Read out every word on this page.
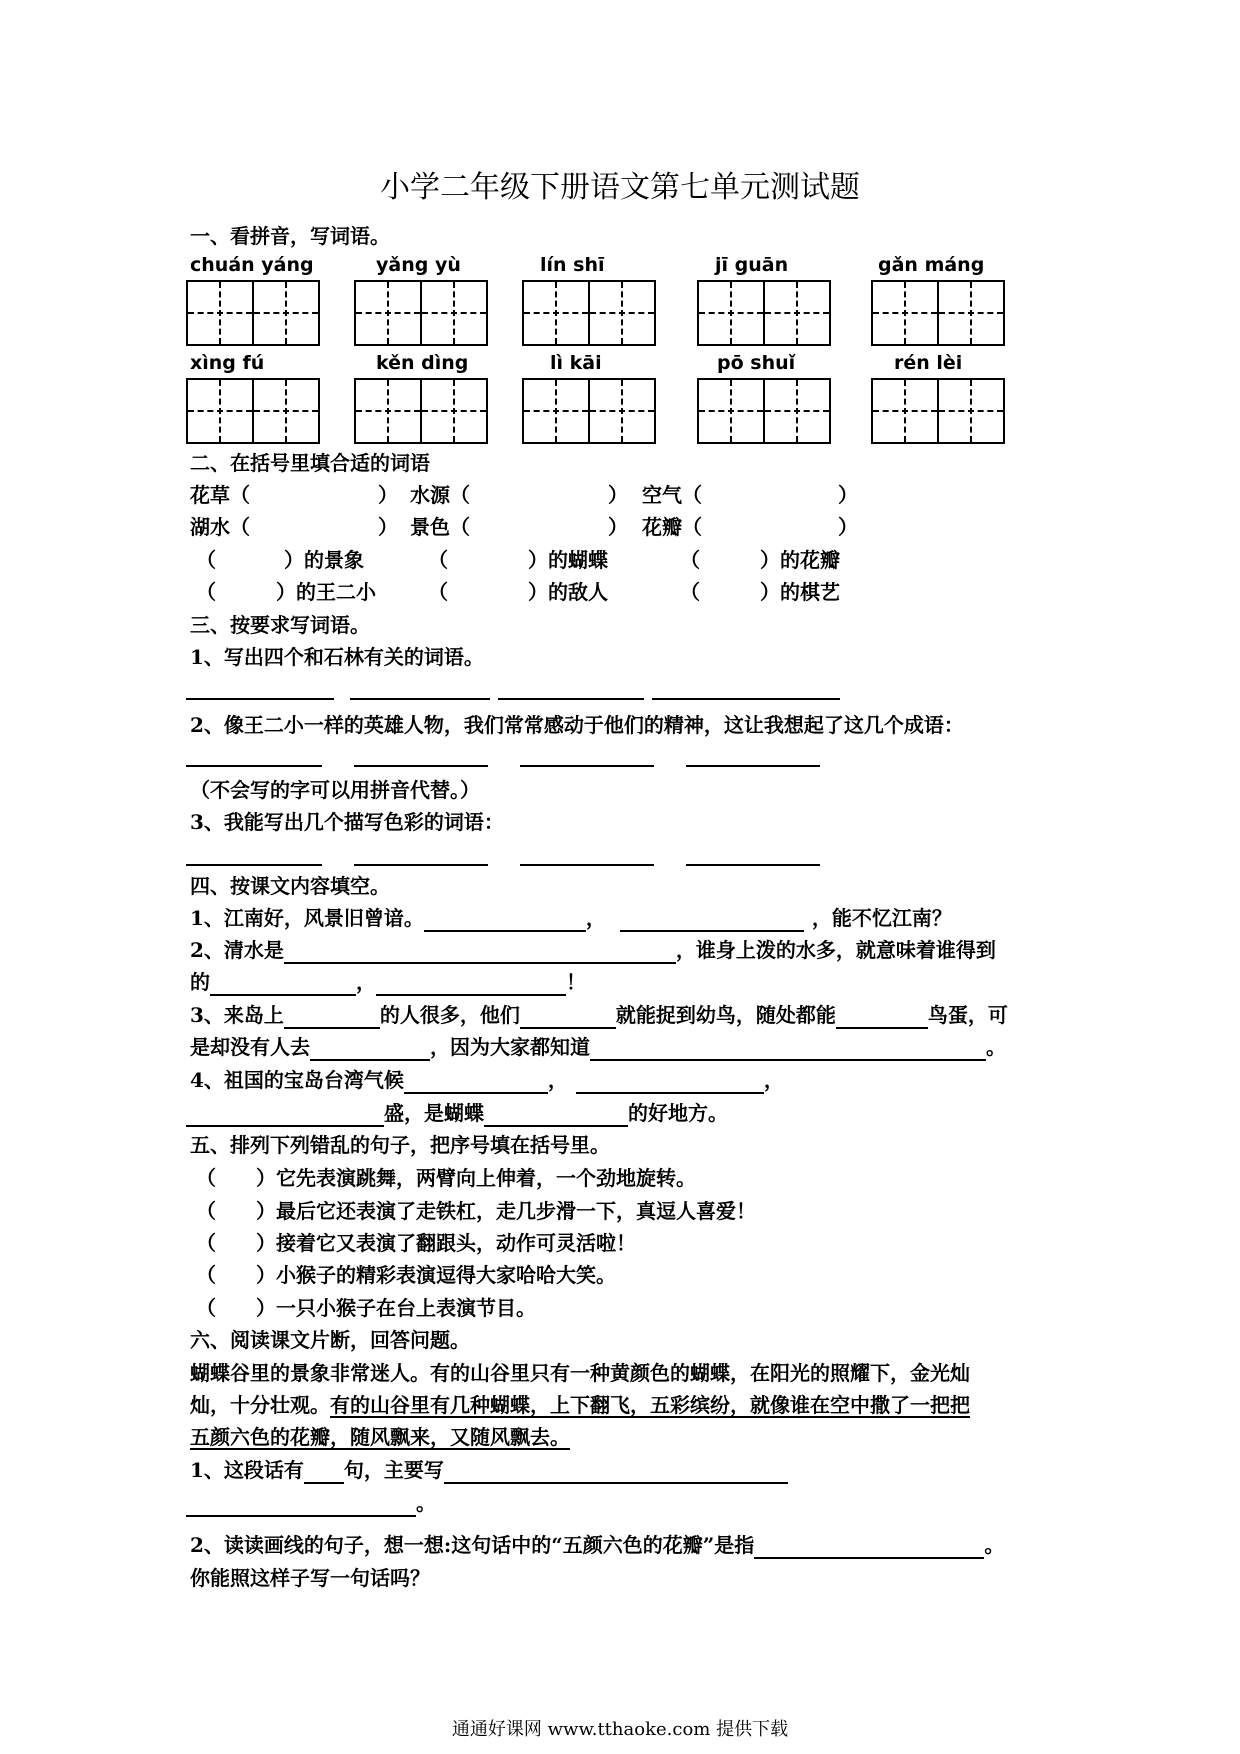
小学二年级下册语文第七单元测试题
一、看拼音，写词语。
chuán yáng	yǎng yù	lín shī	jī guān	gǎn máng
xìng fú	kěn dìng	lì kāi	pō shuǐ	rén lèi
二、在括号里填合适的词语
花草（	） 水源（	） 空气（	）
湖水（	） 景色（	） 花瓣（	）
（	）的景象	（	）的蝴蝶	（	）的花瓣
（	）的王二小	（	）的敌人	（	）的棋艺
三、按要求写词语。
1、写出四个和石林有关的词语。
2、像王二小一样的英雄人物，我们常常感动于他们的精神，这让我想起了这几个成语：
（不会写的字可以用拼音代替。）
3、我能写出几个描写色彩的词语：
四、按课文内容填空。
1、江南好，风景旧曾谙。	，	，能不忆江南？
2、清水是	，谁身上泼的水多，就意味着谁得到
的	，	！
3、来岛上	的人很多，他们	就能捉到幼鸟，随处都能	鸟蛋，可
是却没有人去	，因为大家都知道	。
4、祖国的宝岛台湾气候	，	，
盛，是蝴蝶	的好地方。
五、排列下列错乱的句子，把序号填在括号里。
（　　）它先表演跳舞，两臂向上伸着，一个劲地旋转。
（　　）最后它还表演了走铁杠，走几步滑一下，真逗人喜爱！
（　　）接着它又表演了翻跟头，动作可灵活啦！
（　　）小猴子的精彩表演逗得大家哈哈大笑。
（　　）一只小猴子在台上表演节目。
六、阅读课文片断，回答问题。
蝴蝶谷里的景象非常迷人。有的山谷里只有一种黄颜色的蝴蝶，在阳光的照耀下，金光灿
灿，十分壮观。有的山谷里有几种蝴蝶，上下翻飞，五彩缤纷，就像谁在空中撒了一把把
五颜六色的花瓣，随风飘来，又随风飘去。
1、这段话有 句，主要写
。
2、读读画线的句子，想一想:这句话中的“五颜六色的花瓣”是指	。
你能照这样子写一句话吗？
通通好课网 www.tthaoke.com 提供下载
